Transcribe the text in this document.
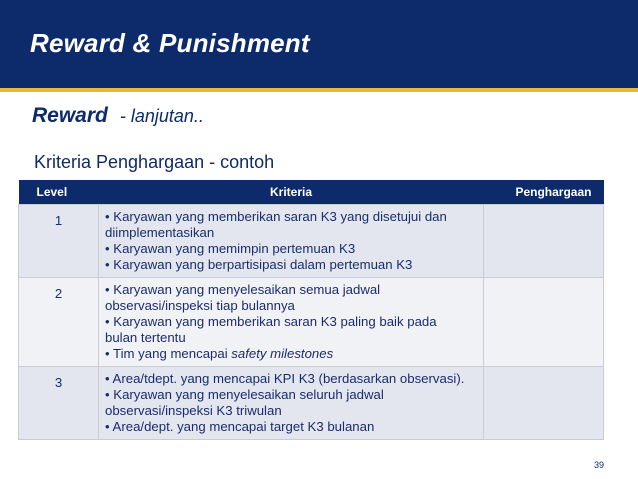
Reward & Punishment
Reward - lanjutan..
Kriteria Penghargaan - contoh
Level	Kriteria	Penghargaan
1	• Karyawan yang memberikan saran K3 yang disetujui dan
diimplementasikan
• Karyawan yang memimpin pertemuan K3
• Karyawan yang berpartisipasi dalam pertemuan K3	

2	• Karyawan yang menyelesaikan semua jadwal
observasi/inspeksi tiap bulannya
• Karyawan yang memberikan saran K3 paling baik pada
bulan tertentu
• Tim yang mencapai safety milestones	

3	• Area/tdept. yang mencapai KPI K3 (berdasarkan observasi).
• Karyawan yang menyelesaikan seluruh jadwal
observasi/inspeksi K3 triwulan
• Area/dept. yang mencapai target K3 bulanan	

39
